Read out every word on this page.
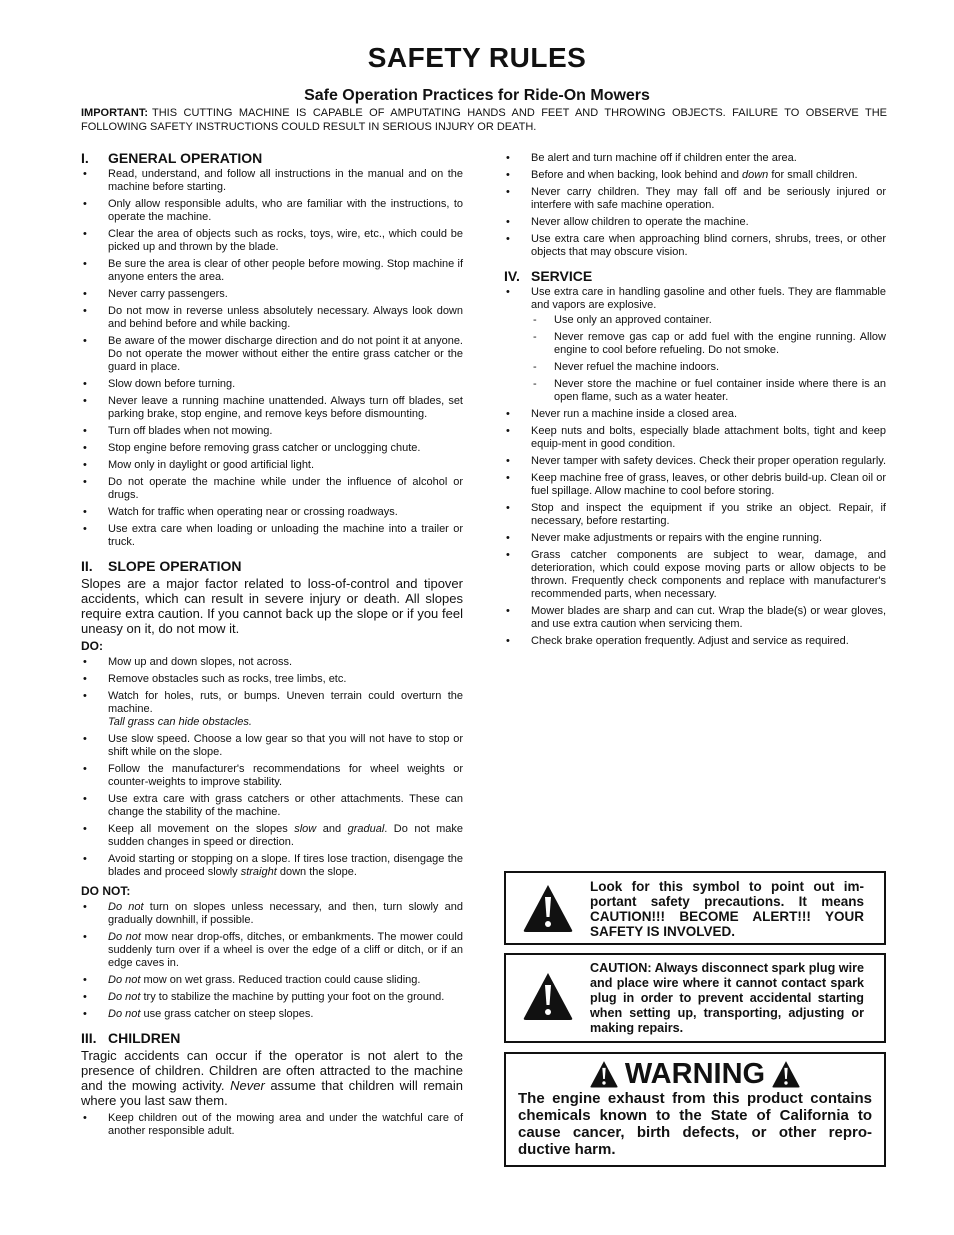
SAFETY RULES
Safe Operation Practices for Ride-On Mowers

IMPORTANT: THIS CUTTING MACHINE IS CAPABLE OF AMPUTATING HANDS AND FEET AND THROWING OBJECTS. FAILURE TO OBSERVE THE FOLLOWING SAFETY INSTRUCTIONS COULD RESULT IN SERIOUS INJURY OR DEATH.

I. GENERAL OPERATION
• Read, understand, and follow all instructions in the manual and on the machine before starting.
• Only allow responsible adults, who are familiar with the instructions, to operate the machine.
• Clear the area of objects such as rocks, toys, wire, etc., which could be picked up and thrown by the blade.
• Be sure the area is clear of other people before mowing. Stop machine if anyone enters the area.
• Never carry passengers.
• Do not mow in reverse unless absolutely necessary. Always look down and behind before and while backing.
• Be aware of the mower discharge direction and do not point it at anyone. Do not operate the mower without either the entire grass catcher or the guard in place.
• Slow down before turning.
• Never leave a running machine unattended. Always turn off blades, set parking brake, stop engine, and remove keys before dismounting.
• Turn off blades when not mowing.
• Stop engine before removing grass catcher or unclogging chute.
• Mow only in daylight or good artificial light.
• Do not operate the machine while under the influence of alcohol or drugs.
• Watch for traffic when operating near or crossing roadways.
• Use extra care when loading or unloading the machine into a trailer or truck.
II. SLOPE OPERATION

Slopes are a major factor related to loss-of-control and tipover accidents, which can result in severe injury or death. All slopes require extra caution. If you cannot back up the slope or if you feel uneasy on it, do not mow it.

DO:
• Mow up and down slopes, not across.
• Remove obstacles such as rocks, tree limbs, etc.
• Watch for holes, ruts, or bumps. Uneven terrain could overturn the machine.
Tall grass can hide obstacles.
• Use slow speed. Choose a low gear so that you will not have to stop or shift while on the slope.
• Follow the manufacturer's recommendations for wheel weights or counter-weights to improve stability.
• Use extra care with grass catchers or other attachments. These can change the stability of the machine.
• Keep all movement on the slopes slow and gradual. Do not make sudden changes in speed or direction.
• Avoid starting or stopping on a slope. If tires lose traction, disengage the blades and proceed slowly straight down the slope.
DO NOT:
• Do not turn on slopes unless necessary, and then, turn slowly and gradually downhill, if possible.
• Do not mow near drop-offs, ditches, or embankments. The mower could suddenly turn over if a wheel is over the edge of a cliff or ditch, or if an edge caves in.
• Do not mow on wet grass. Reduced traction could cause sliding.
• Do not try to stabilize the machine by putting your foot on the ground.
• Do not use grass catcher on steep slopes.
III. CHILDREN

Tragic accidents can occur if the operator is not alert to the presence of children. Children are often attracted to the machine and the mowing activity. Never assume that children will remain where you last saw them.

• Keep children out of the mowing area and under the watchful care of another responsible adult.
• Be alert and turn machine off if children enter the area.
• Before and when backing, look behind and down for small children.
• Never carry children. They may fall off and be seriously injured or interfere with safe machine operation.
• Never allow children to operate the machine.
• Use extra care when approaching blind corners, shrubs, trees, or other objects that may obscure vision.
IV. SERVICE
• Use extra care in handling gasoline and other fuels. They are flammable and vapors are explosive.
- Use only an approved container.
- Never remove gas cap or add fuel with the engine running. Allow engine to cool before refueling. Do not smoke.
- Never refuel the machine indoors.
- Never store the machine or fuel container inside where there is an open flame, such as a water heater.
• Never run a machine inside a closed area.
• Keep nuts and bolts, especially blade attachment bolts, tight and keep equip-ment in good condition.
• Never tamper with safety devices. Check their proper operation regularly.
• Keep machine free of grass, leaves, or other debris build-up. Clean oil or fuel spillage. Allow machine to cool before storing.
• Stop and inspect the equipment if you strike an object. Repair, if necessary, before restarting.
• Never make adjustments or repairs with the engine running.
• Grass catcher components are subject to wear, damage, and deterioration, which could expose moving parts or allow objects to be thrown. Frequently check components and replace with manufacturer's recommended parts, when necessary.
• Mower blades are sharp and can cut. Wrap the blade(s) or wear gloves, and use extra caution when servicing them.
• Check brake operation frequently. Adjust and service as required.
Look for this symbol to point out im-portant safety precautions. It means CAUTION!!! BECOME ALERT!!! YOUR SAFETY IS INVOLVED.
CAUTION: Always disconnect spark plug wire and place wire where it cannot contact spark plug in order to prevent accidental starting when setting up, transporting, adjusting or making repairs.
WARNING
The engine exhaust from this product contains chemicals known to the State of California to cause cancer, birth defects, or other repro-ductive harm.
